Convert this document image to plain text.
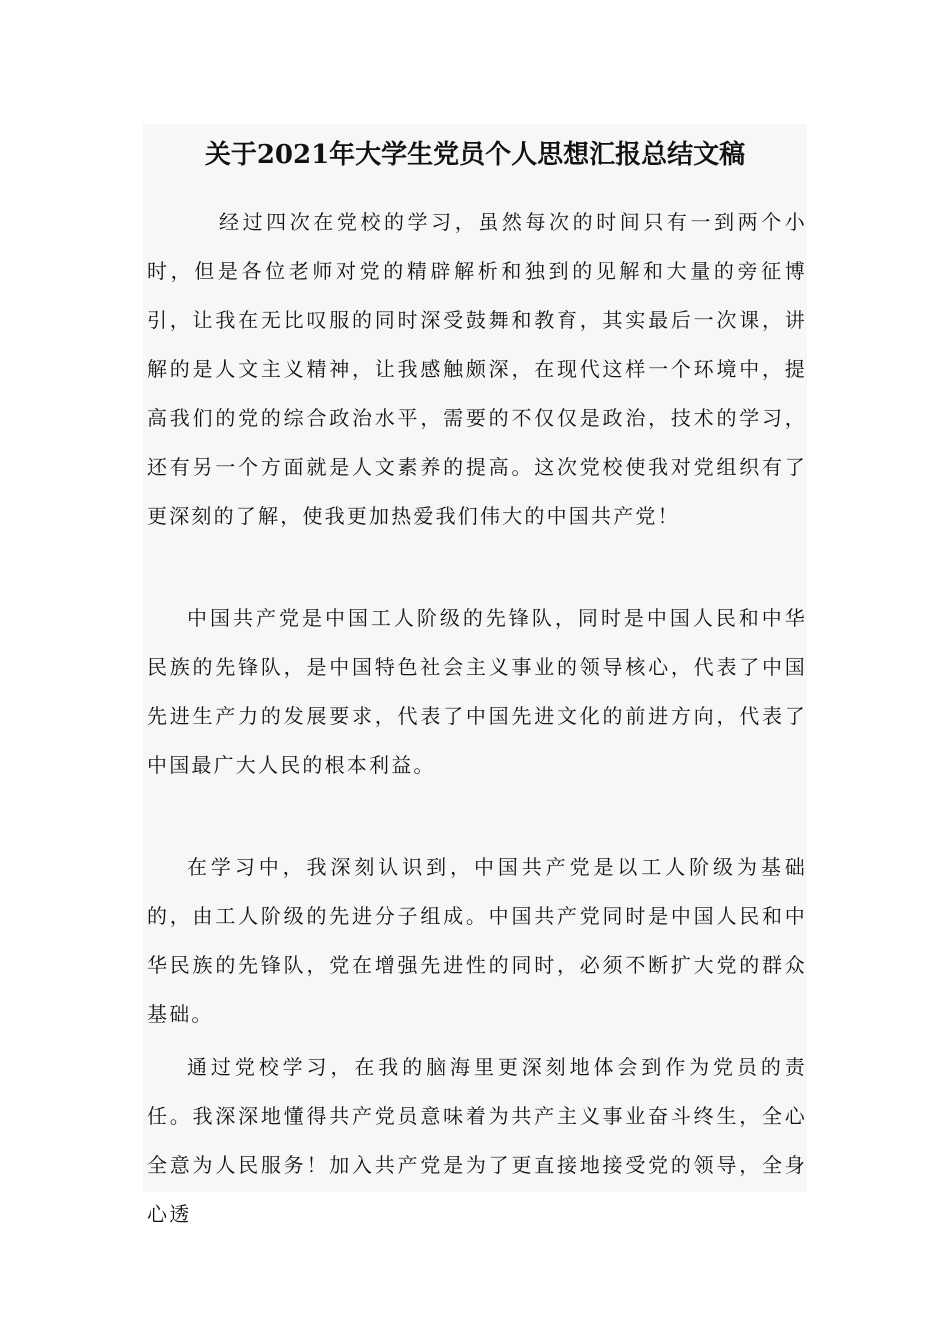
关于2021年大学生党员个人思想汇报总结文稿

经过四次在党校的学习，虽然每次的时间只有一到两个小时，但是各位老师对党的精辟解析和独到的见解和大量的旁征博引，让我在无比叹服的同时深受鼓舞和教育，其实最后一次课，讲解的是人文主义精神，让我感触颇深，在现代这样一个环境中，提高我们的党的综合政治水平，需要的不仅仅是政治，技术的学习，还有另一个方面就是人文素养的提高。这次党校使我对党组织有了更深刻的了解，使我更加热爱我们伟大的中国共产党！

中国共产党是中国工人阶级的先锋队，同时是中国人民和中华民族的先锋队，是中国特色社会主义事业的领导核心，代表了中国先进生产力的发展要求，代表了中国先进文化的前进方向，代表了中国最广大人民的根本利益。

在学习中，我深刻认识到，中国共产党是以工人阶级为基础的，由工人阶级的先进分子组成。中国共产党同时是中国人民和中华民族的先锋队，党在增强先进性的同时，必须不断扩大党的群众基础。

通过党校学习，在我的脑海里更深刻地体会到作为党员的责任。我深深地懂得共产党员意味着为共产主义事业奋斗终生，全心全意为人民服务！加入共产党是为了更直接地接受党的领导，全身心透
